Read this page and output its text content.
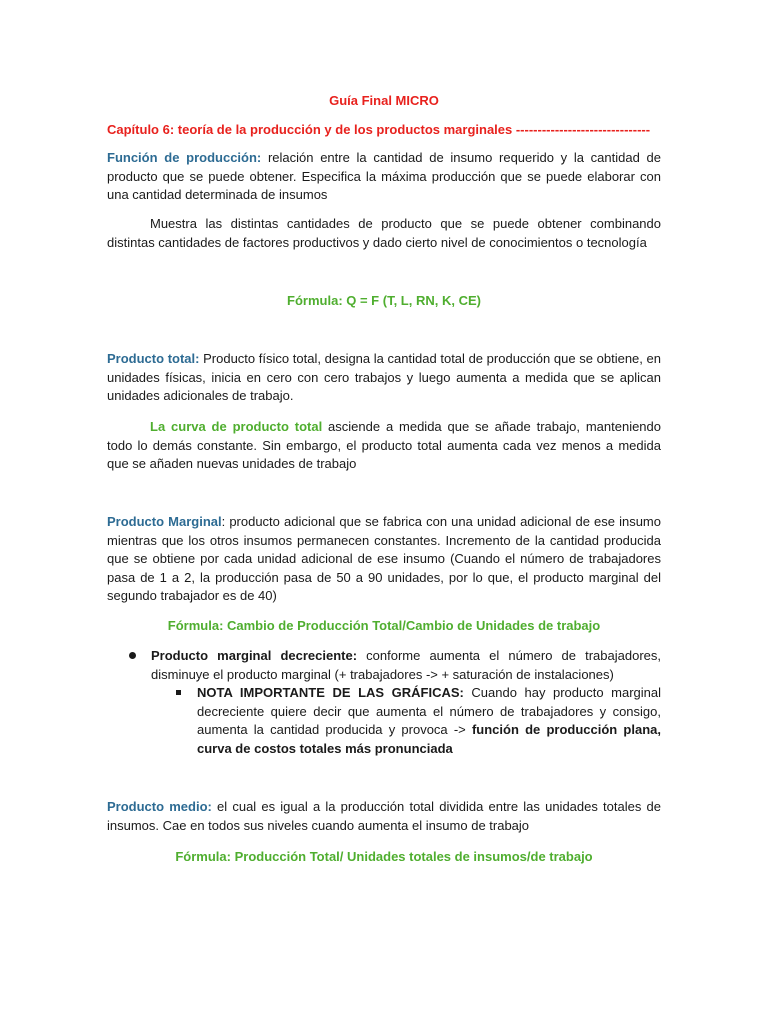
Guía Final MICRO
Capítulo 6: teoría de la producción y de los productos marginales -------------------------------
Función de producción: relación entre la cantidad de insumo requerido y la cantidad de producto que se puede obtener. Especifica la máxima producción que se puede elaborar con una cantidad determinada de insumos
Muestra las distintas cantidades de producto que se puede obtener combinando distintas cantidades de factores productivos y dado cierto nivel de conocimientos o tecnología
Fórmula: Q = F (T, L, RN, K, CE)
Producto total: Producto físico total, designa la cantidad total de producción que se obtiene, en unidades físicas, inicia en cero con cero trabajos y luego aumenta a medida que se aplican unidades adicionales de trabajo.
La curva de producto total asciende a medida que se añade trabajo, manteniendo todo lo demás constante. Sin embargo, el producto total aumenta cada vez menos a medida que se añaden nuevas unidades de trabajo
Producto Marginal: producto adicional que se fabrica con una unidad adicional de ese insumo mientras que los otros insumos permanecen constantes. Incremento de la cantidad producida que se obtiene por cada unidad adicional de ese insumo (Cuando el número de trabajadores pasa de 1 a 2, la producción pasa de 50 a 90 unidades, por lo que, el producto marginal del segundo trabajador es de 40)
Fórmula: Cambio de Producción Total/Cambio de Unidades de trabajo
Producto marginal decreciente: conforme aumenta el número de trabajadores, disminuye el producto marginal (+ trabajadores -> + saturación de instalaciones)
NOTA IMPORTANTE DE LAS GRÁFICAS: Cuando hay producto marginal decreciente quiere decir que aumenta el número de trabajadores y consigo, aumenta la cantidad producida y provoca -> función de producción plana, curva de costos totales más pronunciada
Producto medio: el cual es igual a la producción total dividida entre las unidades totales de insumos. Cae en todos sus niveles cuando aumenta el insumo de trabajo
Fórmula: Producción Total/ Unidades totales de insumos/de trabajo
